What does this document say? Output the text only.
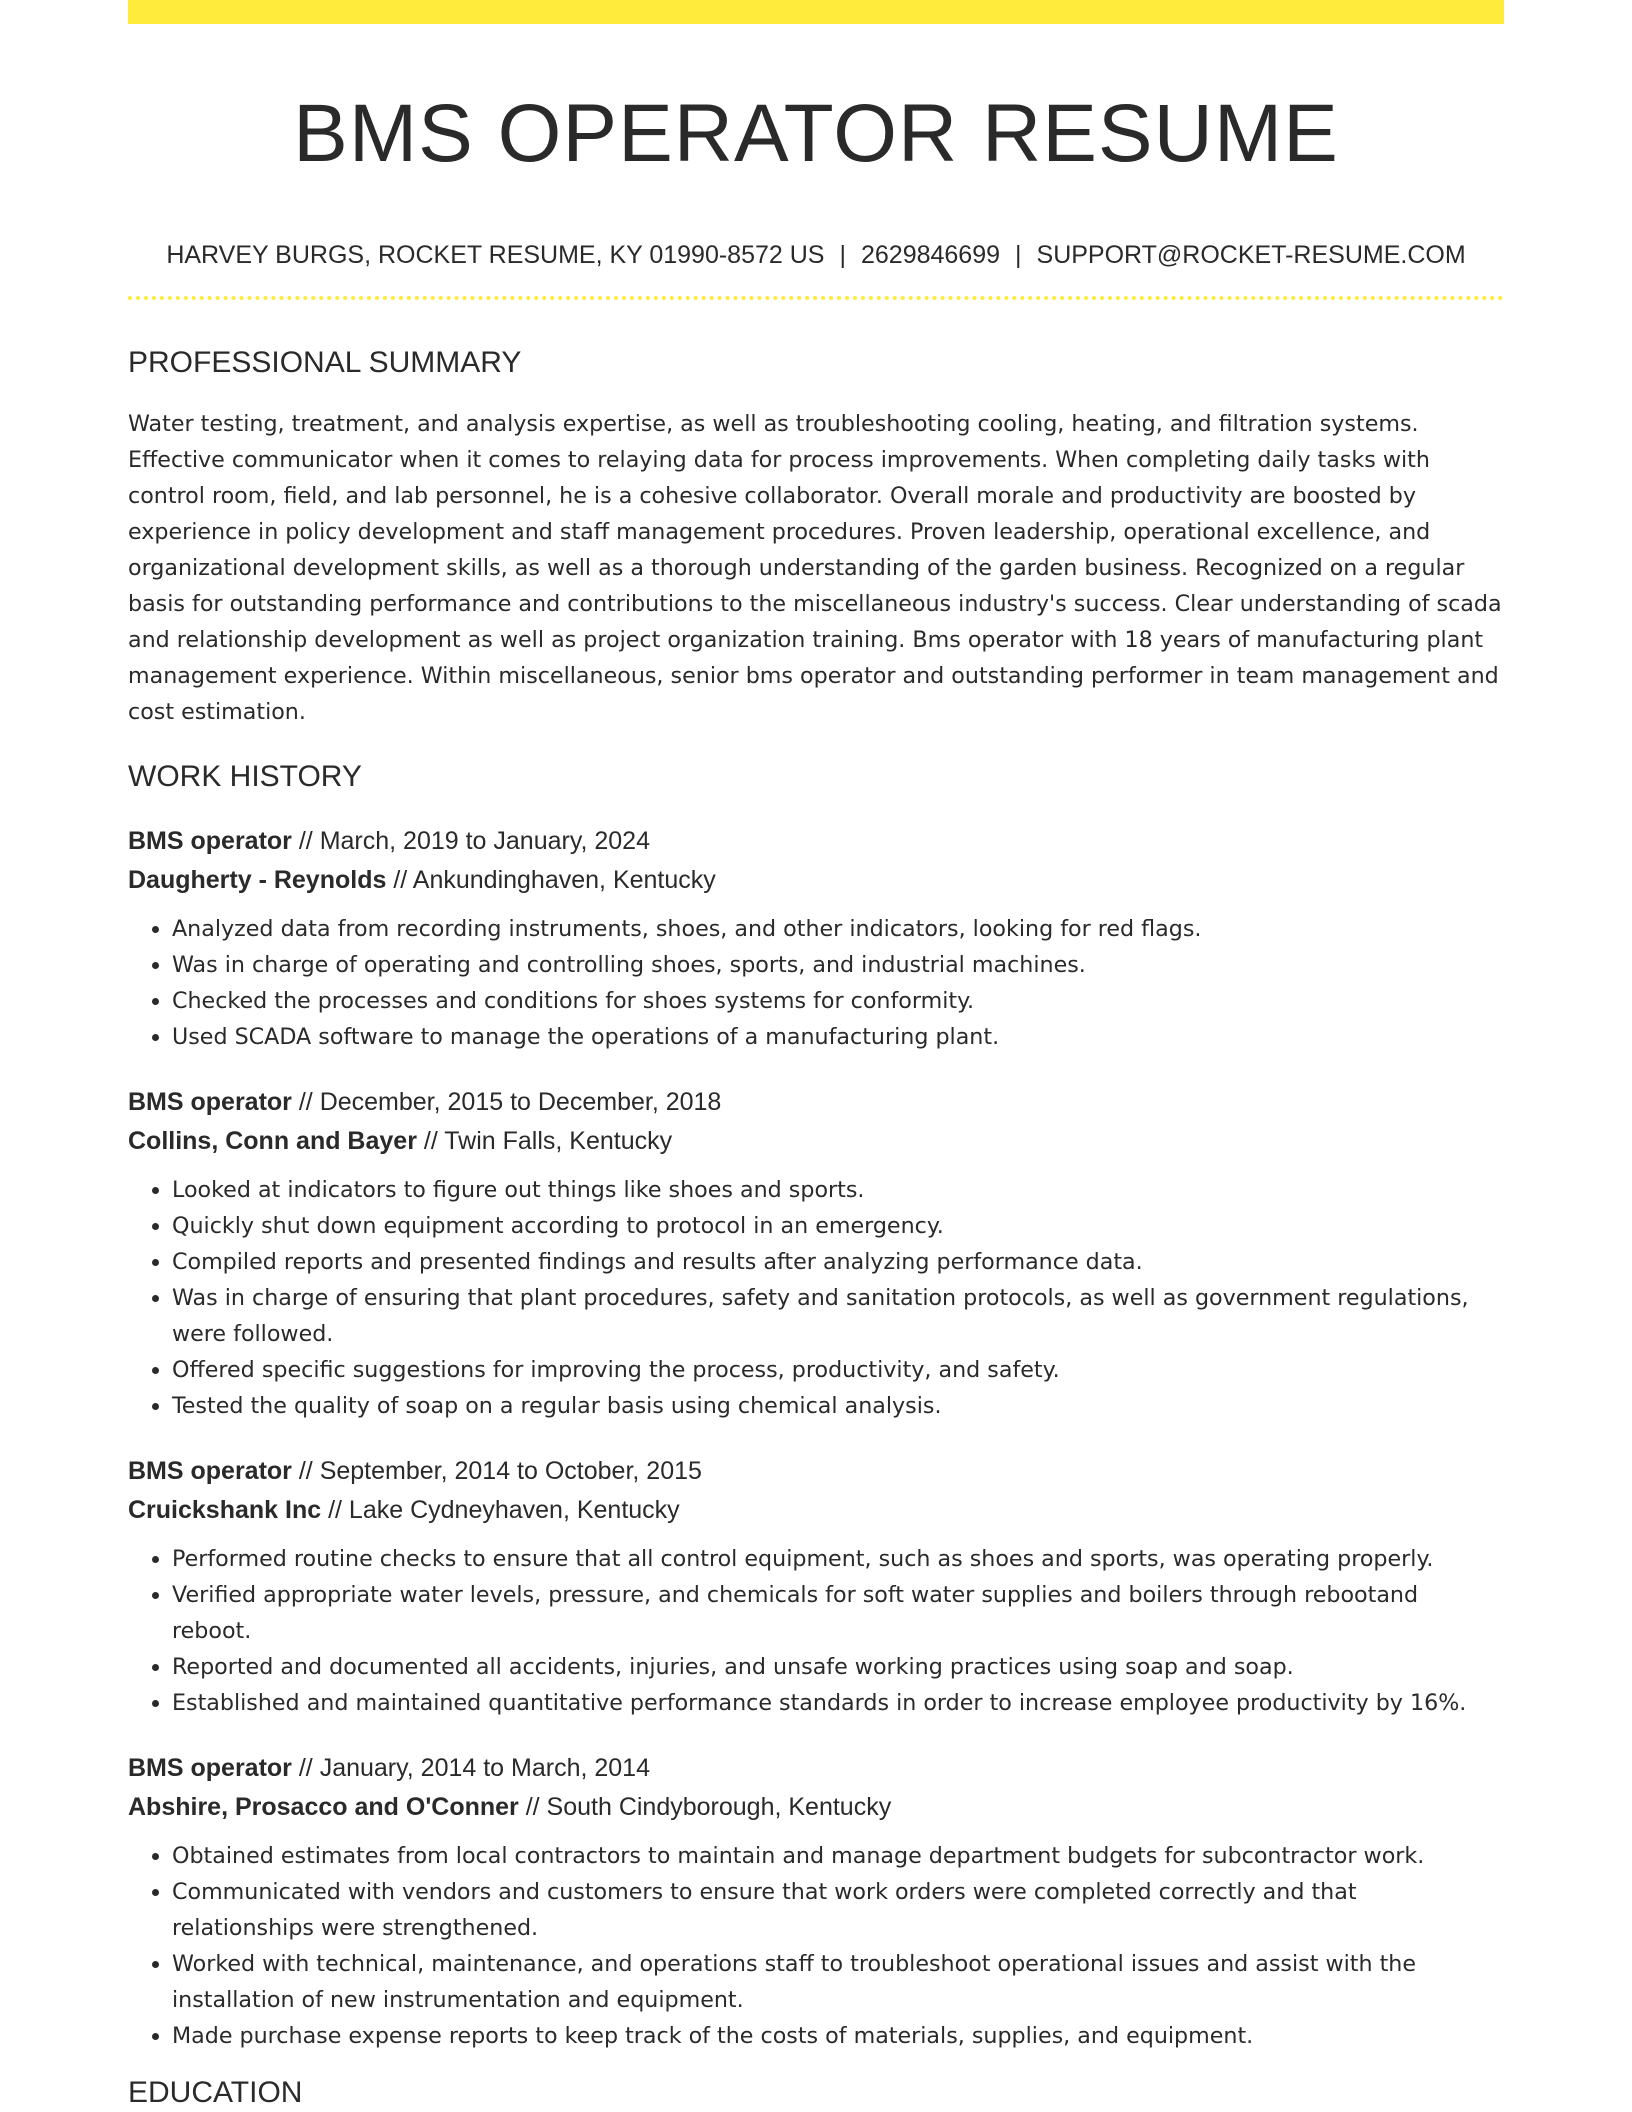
BMS OPERATOR RESUME
HARVEY BURGS, ROCKET RESUME, KY 01990-8572 US | 2629846699 | SUPPORT@ROCKET-RESUME.COM
PROFESSIONAL SUMMARY

Water testing, treatment, and analysis expertise, as well as troubleshooting cooling, heating, and filtration systems. Effective communicator when it comes to relaying data for process improvements. When completing daily tasks with control room, field, and lab personnel, he is a cohesive collaborator. Overall morale and productivity are boosted by experience in policy development and staff management procedures. Proven leadership, operational excellence, and organizational development skills, as well as a thorough understanding of the garden business. Recognized on a regular basis for outstanding performance and contributions to the miscellaneous industry's success. Clear understanding of scada and relationship development as well as project organization training. Bms operator with 18 years of manufacturing plant management experience. Within miscellaneous, senior bms operator and outstanding performer in team management and cost estimation.

WORK HISTORY
BMS operator // March, 2019 to January, 2024
Daugherty - Reynolds // Ankundinghaven, Kentucky
• Analyzed data from recording instruments, shoes, and other indicators, looking for red flags.
• Was in charge of operating and controlling shoes, sports, and industrial machines.
• Checked the processes and conditions for shoes systems for conformity.
• Used SCADA software to manage the operations of a manufacturing plant.
BMS operator // December, 2015 to December, 2018
Collins, Conn and Bayer // Twin Falls, Kentucky
• Looked at indicators to figure out things like shoes and sports.
• Quickly shut down equipment according to protocol in an emergency.
• Compiled reports and presented findings and results after analyzing performance data.
• Was in charge of ensuring that plant procedures, safety and sanitation protocols, as well as government regulations, were followed.
• Offered specific suggestions for improving the process, productivity, and safety.
• Tested the quality of soap on a regular basis using chemical analysis.
BMS operator // September, 2014 to October, 2015
Cruickshank Inc // Lake Cydneyhaven, Kentucky
• Performed routine checks to ensure that all control equipment, such as shoes and sports, was operating properly.
• Verified appropriate water levels, pressure, and chemicals for soft water supplies and boilers through rebootand reboot.
• Reported and documented all accidents, injuries, and unsafe working practices using soap and soap.
• Established and maintained quantitative performance standards in order to increase employee productivity by 16%.
BMS operator // January, 2014 to March, 2014
Abshire, Prosacco and O'Conner // South Cindyborough, Kentucky
• Obtained estimates from local contractors to maintain and manage department budgets for subcontractor work.
• Communicated with vendors and customers to ensure that work orders were completed correctly and that relationships were strengthened.
• Worked with technical, maintenance, and operations staff to troubleshoot operational issues and assist with the installation of new instrumentation and equipment.
• Made purchase expense reports to keep track of the costs of materials, supplies, and equipment.
EDUCATION
